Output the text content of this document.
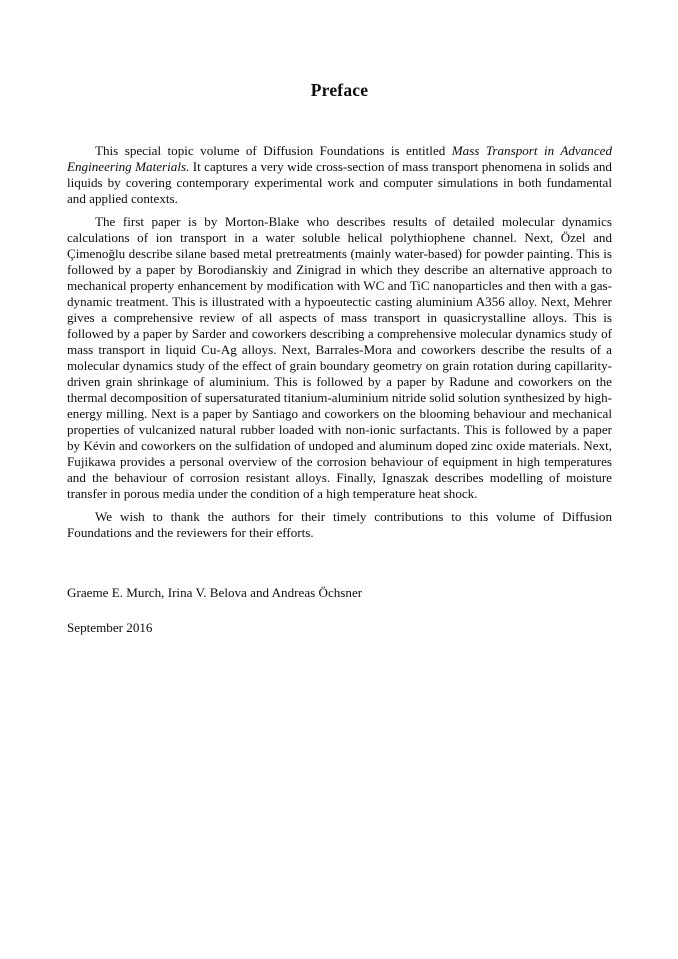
Preface

This special topic volume of Diffusion Foundations is entitled Mass Transport in Advanced Engineering Materials. It captures a very wide cross-section of mass transport phenomena in solids and liquids by covering contemporary experimental work and computer simulations in both fundamental and applied contexts.

The first paper is by Morton-Blake who describes results of detailed molecular dynamics calculations of ion transport in a water soluble helical polythiophene channel. Next, Özel and Çimenoğlu describe silane based metal pretreatments (mainly water-based) for powder painting. This is followed by a paper by Borodianskiy and Zinigrad in which they describe an alternative approach to mechanical property enhancement by modification with WC and TiC nanoparticles and then with a gas-dynamic treatment. This is illustrated with a hypoeutectic casting aluminium A356 alloy. Next, Mehrer gives a comprehensive review of all aspects of mass transport in quasicrystalline alloys. This is followed by a paper by Sarder and coworkers describing a comprehensive molecular dynamics study of mass transport in liquid Cu-Ag alloys. Next, Barrales-Mora and coworkers describe the results of a molecular dynamics study of the effect of grain boundary geometry on grain rotation during capillarity-driven grain shrinkage of aluminium. This is followed by a paper by Radune and coworkers on the thermal decomposition of supersaturated titanium-aluminium nitride solid solution synthesized by high-energy milling. Next is a paper by Santiago and coworkers on the blooming behaviour and mechanical properties of vulcanized natural rubber loaded with non-ionic surfactants. This is followed by a paper by Kévin and coworkers on the sulfidation of undoped and aluminum doped zinc oxide materials. Next, Fujikawa provides a personal overview of the corrosion behaviour of equipment in high temperatures and the behaviour of corrosion resistant alloys. Finally, Ignaszak describes modelling of moisture transfer in porous media under the condition of a high temperature heat shock.

We wish to thank the authors for their timely contributions to this volume of Diffusion Foundations and the reviewers for their efforts.

Graeme E. Murch, Irina V. Belova and Andreas Öchsner

September 2016
